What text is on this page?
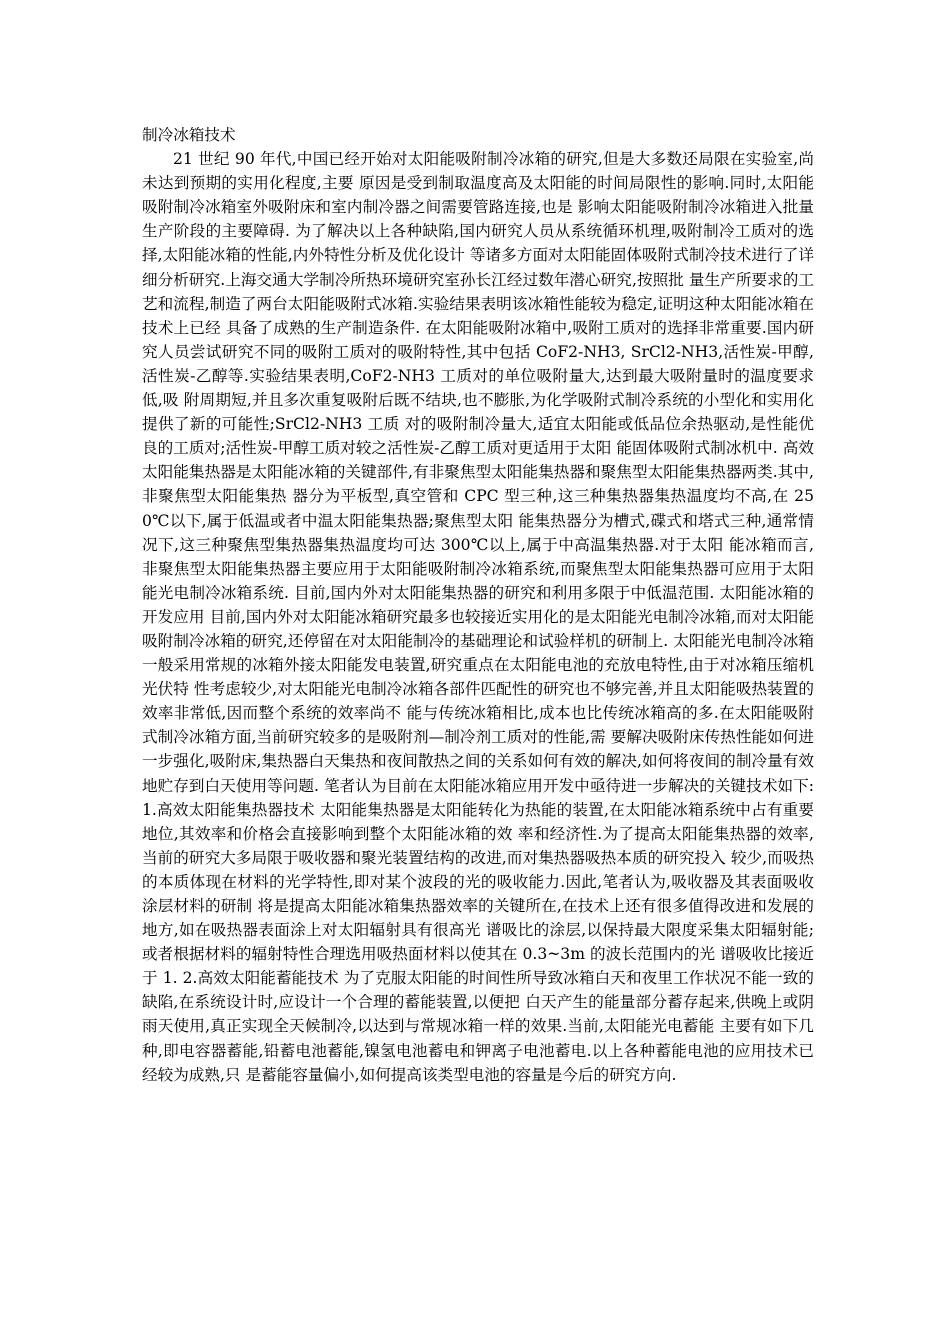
制冷冰箱技术

21 世纪 90 年代,中国已经开始对太阳能吸附制冷冰箱的研究,但是大多数还局限在实验室,尚未达到预期的实用化程度,主要 原因是受到制取温度高及太阳能的时间局限性的影响.同时,太阳能吸附制冷冰箱室外吸附床和室内制冷器之间需要管路连接,也是 影响太阳能吸附制冷冰箱进入批量生产阶段的主要障碍. 为了解决以上各种缺陷,国内研究人员从系统循环机理,吸附制冷工质对的选择,太阳能冰箱的性能,内外特性分析及优化设计 等诸多方面对太阳能固体吸附式制冷技术进行了详细分析研究.上海交通大学制冷所热环境研究室孙长江经过数年潜心研究,按照批 量生产所要求的工艺和流程,制造了两台太阳能吸附式冰箱.实验结果表明该冰箱性能较为稳定,证明这种太阳能冰箱在技术上已经 具备了成熟的生产制造条件. 在太阳能吸附冰箱中,吸附工质对的选择非常重要.国内研究人员尝试研究不同的吸附工质对的吸附特性,其中包括 CoF2-NH3, SrCl2-NH3,活性炭-甲醇,活性炭-乙醇等.实验结果表明,CoF2-NH3 工质对的单位吸附量大,达到最大吸附量时的温度要求低,吸 附周期短,并且多次重复吸附后既不结块,也不膨胀,为化学吸附式制冷系统的小型化和实用化提供了新的可能性;SrCl2-NH3 工质 对的吸附制冷量大,适宜太阳能或低品位余热驱动,是性能优良的工质对;活性炭-甲醇工质对较之活性炭-乙醇工质对更适用于太阳 能固体吸附式制冰机中. 高效太阳能集热器是太阳能冰箱的关键部件,有非聚焦型太阳能集热器和聚焦型太阳能集热器两类.其中,非聚焦型太阳能集热 器分为平板型,真空管和 CPC 型三种,这三种集热器集热温度均不高,在 250℃以下,属于低温或者中温太阳能集热器;聚焦型太阳 能集热器分为槽式,碟式和塔式三种,通常情况下,这三种聚焦型集热器集热温度均可达 300℃以上,属于中高温集热器.对于太阳 能冰箱而言, 非聚焦型太阳能集热器主要应用于太阳能吸附制冷冰箱系统,而聚焦型太阳能集热器可应用于太阳能光电制冷冰箱系统. 目前,国内外对太阳能集热器的研究和利用多限于中低温范围. 太阳能冰箱的开发应用 目前,国内外对太阳能冰箱研究最多也较接近实用化的是太阳能光电制冷冰箱,而对太阳能吸附制冷冰箱的研究,还停留在对太阳能制冷的基础理论和试验样机的研制上. 太阳能光电制冷冰箱一般采用常规的冰箱外接太阳能发电装置,研究重点在太阳能电池的充放电特性,由于对冰箱压缩机光伏特 性考虑较少,对太阳能光电制冷冰箱各部件匹配性的研究也不够完善,并且太阳能吸热装置的效率非常低,因而整个系统的效率尚不 能与传统冰箱相比,成本也比传统冰箱高的多.在太阳能吸附式制冷冰箱方面,当前研究较多的是吸附剂—制冷剂工质对的性能,需 要解决吸附床传热性能如何进一步强化,吸附床,集热器白天集热和夜间散热之间的关系如何有效的解决,如何将夜间的制冷量有效 地贮存到白天使用等问题. 笔者认为目前在太阳能冰箱应用开发中亟待进一步解决的关键技术如下: 1.高效太阳能集热器技术 太阳能集热器是太阳能转化为热能的装置,在太阳能冰箱系统中占有重要地位,其效率和价格会直接影响到整个太阳能冰箱的效 率和经济性.为了提高太阳能集热器的效率,当前的研究大多局限于吸收器和聚光装置结构的改进,而对集热器吸热本质的研究投入 较少,而吸热的本质体现在材料的光学特性,即对某个波段的光的吸收能力.因此,笔者认为,吸收器及其表面吸收涂层材料的研制 将是提高太阳能冰箱集热器效率的关键所在,在技术上还有很多值得改进和发展的地方,如在吸热器表面涂上对太阳辐射具有很高光 谱吸比的涂层,以保持最大限度采集太阳辐射能;或者根据材料的辐射特性合理选用吸热面材料以使其在 0.3~3m 的波长范围内的光 谱吸收比接近于 1. 2.高效太阳能蓄能技术 为了克服太阳能的时间性所导致冰箱白天和夜里工作状况不能一致的缺陷,在系统设计时,应设计一个合理的蓄能装置,以便把 白天产生的能量部分蓄存起来,供晚上或阴雨天使用,真正实现全天候制冷,以达到与常规冰箱一样的效果.当前,太阳能光电蓄能 主要有如下几种,即电容器蓄能,铅蓄电池蓄能,镍氢电池蓄电和钾离子电池蓄电.以上各种蓄能电池的应用技术已经较为成熟,只 是蓄能容量偏小,如何提高该类型电池的容量是今后的研究方向.
